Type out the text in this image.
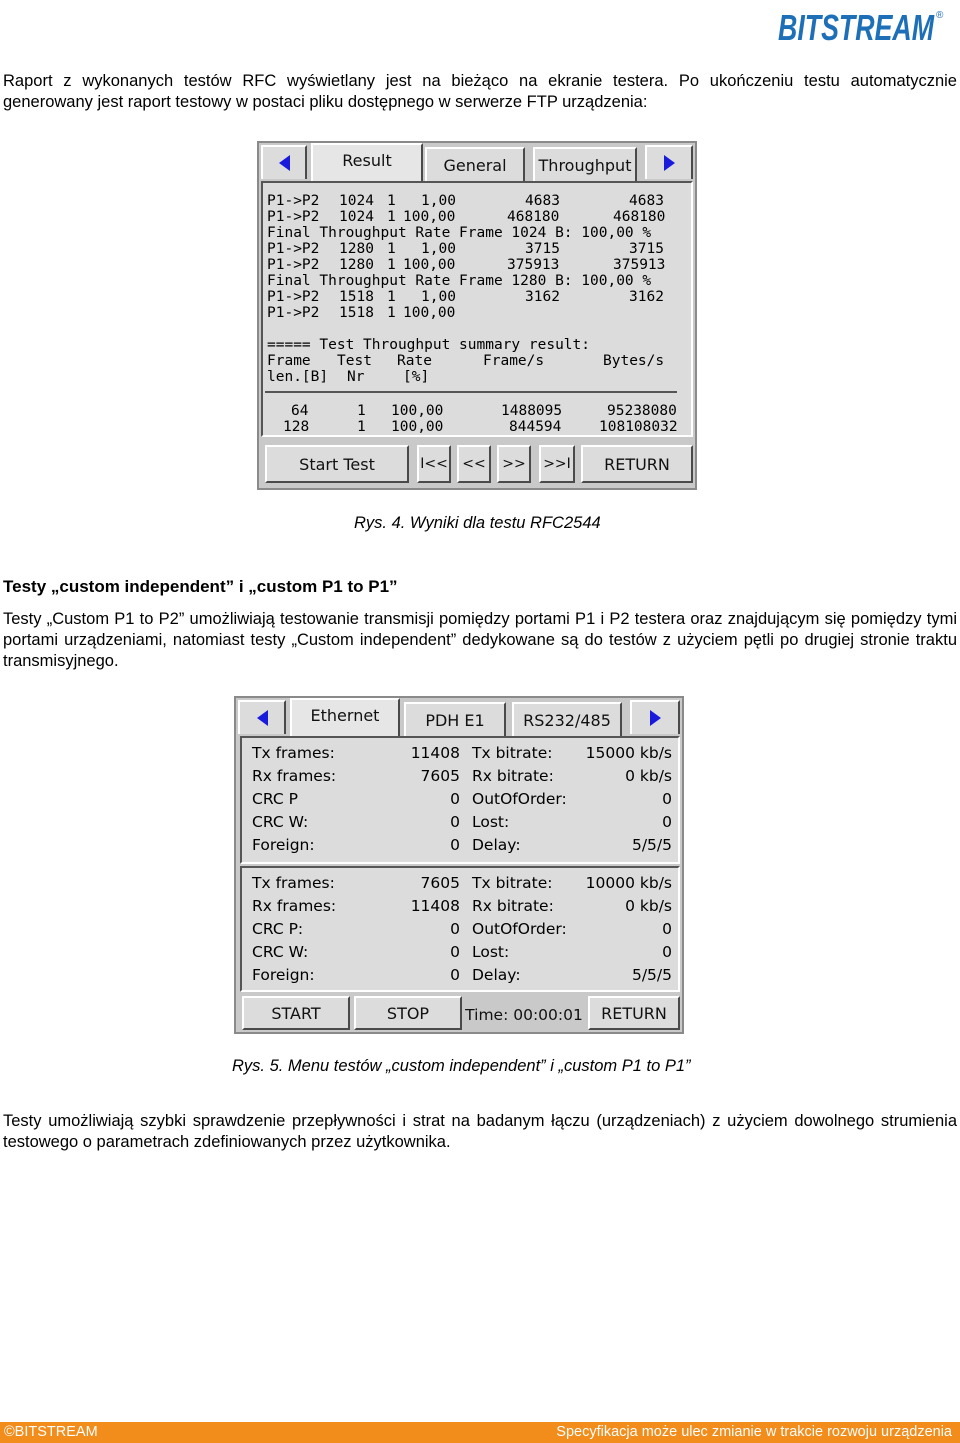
BITSTREAM ®

Raport z wykonanych testów RFC wyświetlany jest na bieżąco na ekranie testera. Po ukończeniu testu automatycznie generowany jest raport testowy w postaci pliku dostępnego w serwerze FTP urządzenia:

Result	General Throughput

P1->P2 1024 1 1,00	4683	4683

P1->P2 1024 1 100,00	468180	468180

Final Throughput Rate Frame 1024 B: 100,00 %

P1->P2 1280 1 1,00	3715	3715

P1->P2 1280 1 100,00	375913	375913

Final Throughput Rate Frame 1280 B: 100,00 %

P1->P2 1518 1 1,00	3162	3162

P1->P2 1518 1 100,00

===== Test Throughput summary result:

Frame Test Rate	Frame/s	Bytes/s

len.[B] Nr	[%]

64	1 100,00	1488095	95238080

128	1 100,00	844594	108108032

Start Test	I<< << >> >>I RETURN
Rys. 4. Wyniki dla testu RFC2544
Testy „custom independent” i „custom P1 to P1”

Testy „Custom P1 to P2” umożliwiają testowanie transmisji pomiędzy portami P1 i P2 testera oraz znajdującym się pomiędzy tymi portami urządzeniami, natomiast testy „Custom independent” dedykowane są do testów z użyciem pętli po drugiej stronie traktu transmisyjnego.

Ethernet	PDH E1 RS232/485
Tx frames:	11408 Tx bitrate: 15000 kb/s
Rx frames:	7605 Rx bitrate:	0 kb/s
CRC P	0 OutOfOrder:	0
CRC W:	0 Lost:	0
Foreign:	0 Delay:	5/5/5
Tx frames:	7605 Tx bitrate: 10000 kb/s
Rx frames:	11408 Rx bitrate:	0 kb/s
CRC P:	0 OutOfOrder:	0
CRC W:	0 Lost:	0
Foreign:	0 Delay:	5/5/5
START	STOP Time: 00:00:01 RETURN
Rys. 5. Menu testów „custom independent” i „custom P1 to P1”

Testy umożliwiają szybki sprawdzenie przepływności i strat na badanym łączu (urządzeniach) z użyciem dowolnego strumienia testowego o parametrach zdefiniowanych przez użytkownika.

©BITSTREAM	Specyfikacja może ulec zmianie w trakcie rozwoju urządzenia
